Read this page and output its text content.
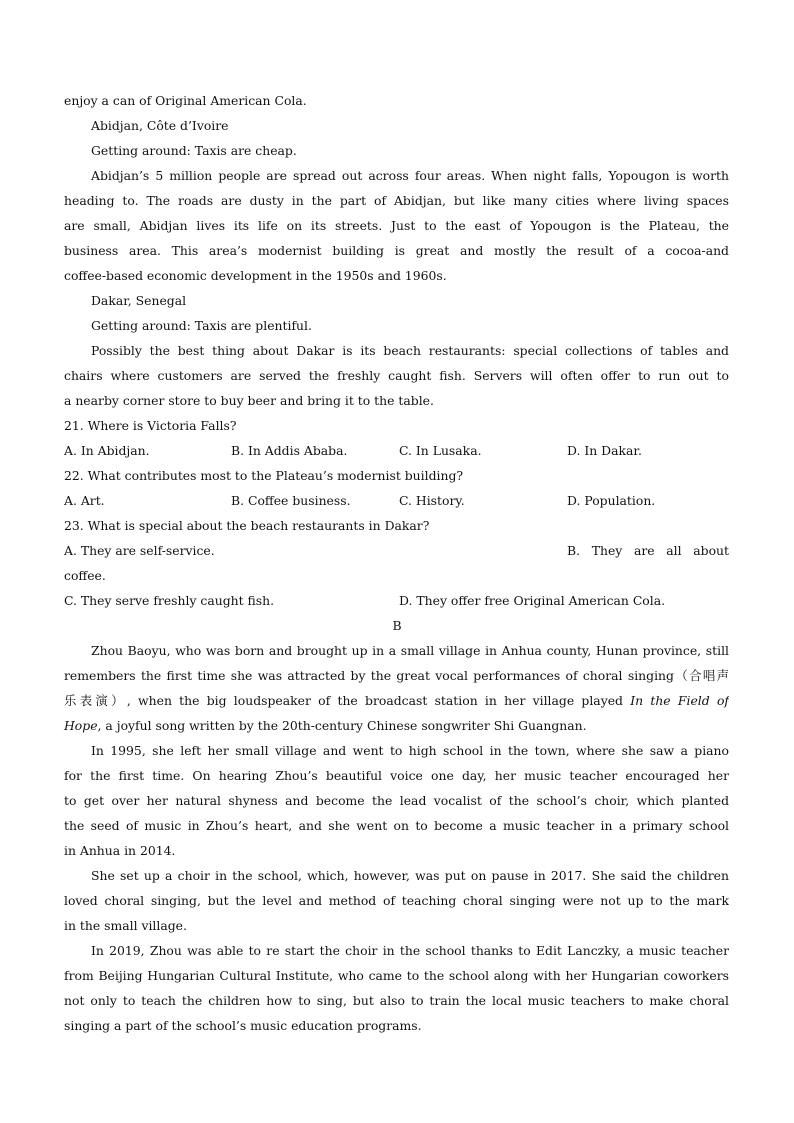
enjoy a can of Original American Cola.
Abidjan, Côte d’Ivoire
Getting around: Taxis are cheap.
Abidjan’s 5 million people are spread out across four areas. When night falls, Yopougon is worth
heading to. The roads are dusty in the part of Abidjan, but like many cities where living spaces
are small, Abidjan lives its life on its streets. Just to the east of Yopougon is the Plateau, the
business area. This area’s modernist building is great and mostly the result of a cocoa-and
coffee-based economic development in the 1950s and 1960s.
Dakar, Senegal
Getting around: Taxis are plentiful.
Possibly the best thing about Dakar is its beach restaurants: special collections of tables and
chairs where customers are served the freshly caught fish. Servers will often offer to run out to
a nearby corner store to buy beer and bring it to the table.
21. Where is Victoria Falls?
A. In Abidjan.	B. In Addis Ababa.	C. In Lusaka.	D. In Dakar.
22. What contributes most to the Plateau’s modernist building?
A. Art.	B. Coffee business.	C. History.	D. Population.
23. What is special about the beach restaurants in Dakar?
A. They are self-service.	B. They are all about
coffee.
C. They serve freshly caught fish.	D. They offer free Original American Cola.
B
Zhou Baoyu, who was born and brought up in a small village in Anhua county, Hunan province, still
remembers the first time she was attracted by the great vocal performances of choral singing（合唱声
乐表演）, when the big loudspeaker of the broadcast station in her village played In the Field of
Hope, a joyful song written by the 20th-century Chinese songwriter Shi Guangnan.
In 1995, she left her small village and went to high school in the town, where she saw a piano
for the first time. On hearing Zhou’s beautiful voice one day, her music teacher encouraged her
to get over her natural shyness and become the lead vocalist of the school’s choir, which planted
the seed of music in Zhou’s heart, and she went on to become a music teacher in a primary school
in Anhua in 2014.
She set up a choir in the school, which, however, was put on pause in 2017. She said the children
loved choral singing, but the level and method of teaching choral singing were not up to the mark
in the small village.
In 2019, Zhou was able to re start the choir in the school thanks to Edit Lanczky, a music teacher
from Beijing Hungarian Cultural Institute, who came to the school along with her Hungarian coworkers
not only to teach the children how to sing, but also to train the local music teachers to make choral
singing a part of the school’s music education programs.
